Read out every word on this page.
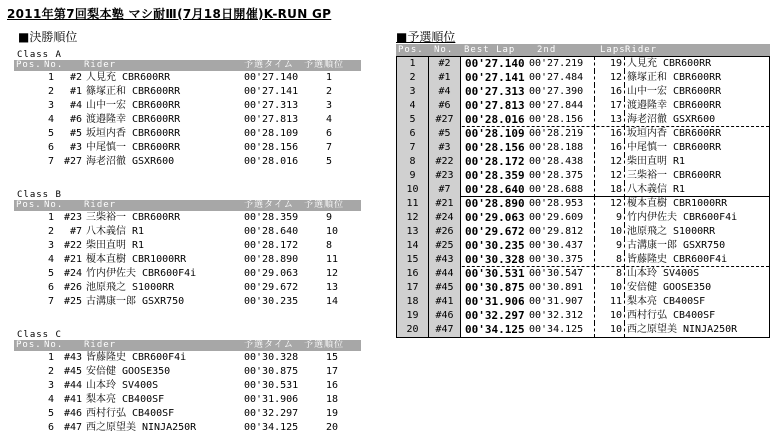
2011年第7回梨本塾 マシ耐Ⅲ(7月18日開催)K-RUN GP
■決勝順位
Class A
Pos. No. Rider	予選タイム 予選順位
1	#2 人見充 CBR600RR	00'27.140	1
2	#1 篠塚正和 CBR600RR	00'27.141	2
3	#4 山中一宏 CBR600RR	00'27.313	3
4	#6 渡邉隆幸 CBR600RR	00'27.813	4
5	#5 坂垣内香 CBR600RR	00'28.109	6
6	#3 中尾慎一 CBR600RR	00'28.156	7
7 #27 海老沼徹 GSXR600	00'28.016	5
Class B
Pos. No. Rider	予選タイム 予選順位
1 #23 三柴裕一 CBR600RR	00'28.359	9
2	#7 八木義信 R1	00'28.640	10
3 #22 柴田直明 R1	00'28.172	8
4 #21 榎本直樹 CBR1000RR	00'28.890	11
5 #24 竹内伊佐夫 CBR600F4i	00'29.063	12
6 #26 池原飛之 S1000RR	00'29.672	13
7 #25 古溝康一郎 GSXR750	00'30.235	14
Class C
Pos. No. Rider	予選タイム 予選順位
1 #43 皆藤隆史 CBR600F4i	00'30.328	15
2 #45 安倍健 GOOSE350	00'30.875	17
3 #44 山本玲 SV400S	00'30.531	16
4 #41 梨本亮 CB400SF	00'31.906	18
5 #46 西村行弘 CB400SF	00'32.297	19
6 #47 西之原望美 NINJA250R	00'34.125	20
■予選順位
Pos. No. Best Lap 2nd	Laps Rider
1	#2	00'27.140 00'27.219	19 人見充 CBR600RR
2	#1	00'27.141 00'27.484	12 篠塚正和 CBR600RR
3	#4	00'27.313 00'27.390	16 山中一宏 CBR600RR
4	#6	00'27.813 00'27.844	17 渡邉隆幸 CBR600RR
5	#27	00'28.016 00'28.156	13 海老沼徹 GSXR600
6	#5	00'28.109 00'28.219	16 坂垣内香 CBR600RR
7	#3	00'28.156 00'28.188	16 中尾慎一 CBR600RR
8	#22	00'28.172 00'28.438	12 柴田直明 R1
9	#23	00'28.359 00'28.375	12 三柴裕一 CBR600RR
10	#7	00'28.640 00'28.688	18 八木義信 R1
11	#21	00'28.890 00'28.953	12 榎本直樹 CBR1000RR
12	#24	00'29.063 00'29.609	9 竹内伊佐夫 CBR600F4i
13	#26	00'29.672 00'29.812	10 池原飛之 S1000RR
14	#25	00'30.235 00'30.437	9 古溝康一郎 GSXR750
15	#43	00'30.328 00'30.375	8 皆藤隆史 CBR600F4i
16	#44	00'30.531 00'30.547	8 山本玲 SV400S
17	#45	00'30.875 00'30.891	10 安倍健 GOOSE350
18	#41	00'31.906 00'31.907	11 梨本亮 CB400SF
19	#46	00'32.297 00'32.312	10 西村行弘 CB400SF
20	#47	00'34.125 00'34.125	10 西之原望美 NINJA250R
